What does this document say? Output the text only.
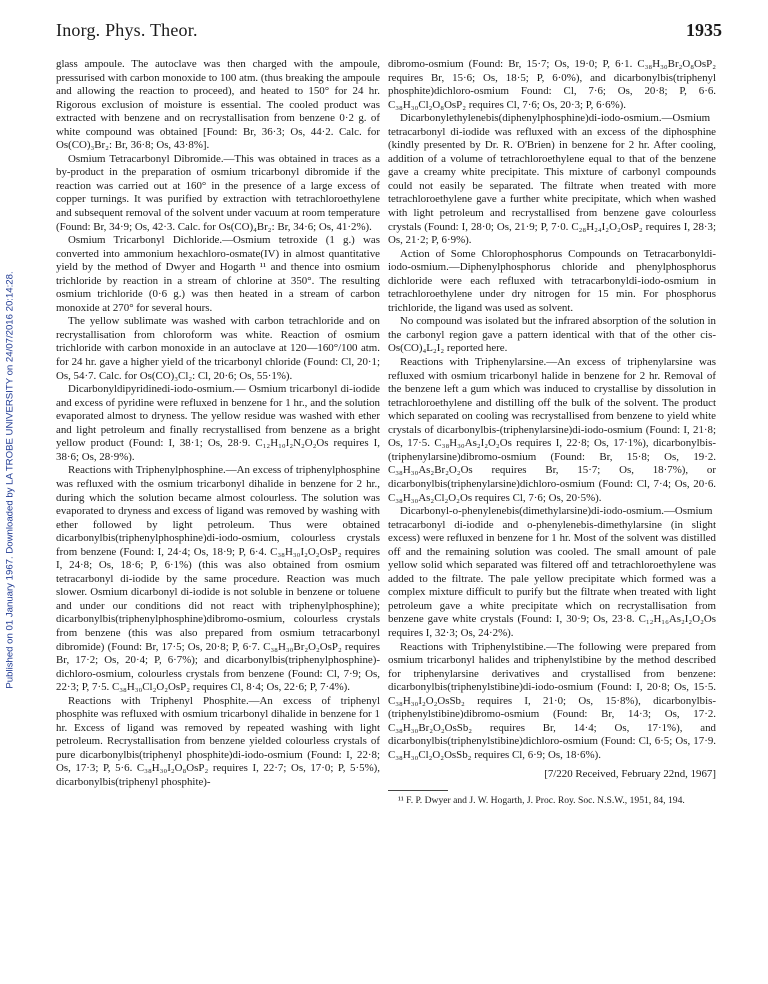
Inorg. Phys. Theor.	1935
Published on 01 January 1967. Downloaded by LA TROBE UNIVERSITY on 24/07/2016 20:14:28.

glass ampoule. The autoclave was then charged with the ampoule, pressurised with carbon monoxide to 100 atm. (thus breaking the ampoule and allowing the reaction to proceed), and heated to 150° for 24 hr. Rigorous exclusion of moisture is essential. The cooled product was extracted with benzene and on recrystallisation from benzene 0·2 g. of white compound was obtained [Found: Br, 36·3; Os, 44·2. Calc. for Os(CO)₃Br₂: Br, 36·8; Os, 43·8%].

Osmium Tetracarbonyl Dibromide.—This was obtained in traces as a by-product in the preparation of osmium tricarbonyl dibromide if the reaction was carried out at 160° in the presence of a large excess of copper turnings. It was purified by extraction with tetrachloroethylene and subsequent removal of the solvent under vacuum at room temperature (Found: Br, 34·9; Os, 42·3. Calc. for Os(CO)₄Br₂: Br, 34·6; Os, 41·2%).

Osmium Tricarbonyl Dichloride.—Osmium tetroxide (1 g.) was converted into ammonium hexachloro-osmate(IV) in almost quantitative yield by the method of Dwyer and Hogarth ¹¹ and thence into osmium trichloride by reaction in a stream of chlorine at 350°. The resulting osmium trichloride (0·6 g.) was then heated in a stream of carbon monoxide at 270° for several hours.

The yellow sublimate was washed with carbon tetrachloride and on recrystallisation from chloroform was white. Reaction of osmium trichloride with carbon monoxide in an autoclave at 120—160°/100 atm. for 24 hr. gave a higher yield of the tricarbonyl chloride (Found: Cl, 20·1; Os, 54·7. Calc. for Os(CO)₃Cl₂: Cl, 20·6; Os, 55·1%).

Dicarbonyldipyridinedi-iodo-osmium.— Osmium tricarbonyl di-iodide and excess of pyridine were refluxed in benzene for 1 hr., and the solution evaporated almost to dryness. The yellow residue was washed with ether and light petroleum and finally recrystallised from benzene as a bright yellow product (Found: I, 38·1; Os, 28·9. C₁₂H₁₀I₂N₂O₂Os requires I, 38·6; Os, 28·9%).

Reactions with Triphenylphosphine.—An excess of triphenylphosphine was refluxed with the osmium tricarbonyl dihalide in benzene for 2 hr., during which the solution became almost colourless. The solution was evaporated to dryness and excess of ligand was removed by washing with ether followed by light petroleum. Thus were obtained dicarbonylbis(triphenylphosphine)di-iodo-osmium, colourless crystals from benzene (Found: I, 24·4; Os, 18·9; P, 6·4. C₃₈H₃₀I₂O₂OsP₂ requires I, 24·8; Os, 18·6; P, 6·1%) (this was also obtained from osmium tetracarbonyl di-iodide by the same procedure. Reaction was much slower. Osmium dicarbonyl di-iodide is not soluble in benzene or toluene and under our conditions did not react with triphenylphosphine); dicarbonylbis(triphenylphosphine)dibromo-osmium, colourless crystals from benzene (this was also prepared from osmium tetracarbonyl dibromide) (Found: Br, 17·5; Os, 20·8; P, 6·7. C₃₈H₃₀Br₂O₂OsP₂ requires Br, 17·2; Os, 20·4; P, 6·7%); and dicarbonylbis(triphenylphosphine)-dichloro-osmium, colourless crystals from benzene (Found: Cl, 7·9; Os, 22·3; P, 7·5. C₃₈H₃₀Cl₂O₂OsP₂ requires Cl, 8·4; Os, 22·6; P, 7·4%).

Reactions with Triphenyl Phosphite.—An excess of triphenyl phosphite was refluxed with osmium tricarbonyl dihalide in benzene for 1 hr. Excess of ligand was removed by repeated washing with light petroleum. Recrystallisation from benzene yielded colourless crystals of pure dicarbonylbis(triphenyl phosphite)di-iodo-osmium (Found: I, 22·8; Os, 17·3; P, 5·6. C₃₈H₃₀I₂O₈OsP₂ requires I, 22·7; Os, 17·0; P, 5·5%), dicarbonylbis(triphenyl phosphite)-

dibromo-osmium (Found: Br, 15·7; Os, 19·0; P, 6·1. C₃₈H₃₀Br₂O₈OsP₂ requires Br, 15·6; Os, 18·5; P, 6·0%), and dicarbonylbis(triphenyl phosphite)dichloro-osmium Found: Cl, 7·6; Os, 20·8; P, 6·6. C₃₈H₃₀Cl₂O₈OsP₂ requires Cl, 7·6; Os, 20·3; P, 6·6%).

Dicarbonylethylenebis(diphenylphosphine)di-iodo-osmium.—Osmium tetracarbonyl di-iodide was refluxed with an excess of the diphosphine (kindly presented by Dr. R. O'Brien) in benzene for 2 hr. After cooling, addition of a volume of tetrachloroethylene equal to that of the benzene gave a creamy white precipitate. This mixture of carbonyl compounds could not easily be separated. The filtrate when treated with more tetrachloroethylene gave a further white precipitate, which when washed with light petroleum and recrystallised from benzene gave colourless crystals (Found: I, 28·0; Os, 21·9; P, 7·0. C₂₈H₂₄I₂O₂OsP₂ requires I, 28·3; Os, 21·2; P, 6·9%).

Action of Some Chlorophosphorus Compounds on Tetracarbonyldi-iodo-osmium.—Diphenylphosphorus chloride and phenylphosphorus dichloride were each refluxed with tetracarbonyldi-iodo-osmium in tetrachloroethylene under dry nitrogen for 15 min. For phosphorus trichloride, the ligand was used as solvent.

No compound was isolated but the infrared absorption of the solution in the carbonyl region gave a pattern identical with that of the other cis-Os(CO)₄L₂I₂ reported here.

Reactions with Triphenylarsine.—An excess of triphenylarsine was refluxed with osmium tricarbonyl halide in benzene for 2 hr. Removal of the benzene left a gum which was induced to crystallise by dissolution in tetrachloroethylene and distilling off the bulk of the solvent. The product which separated on cooling was recrystallised from benzene to yield white crystals of dicarbonylbis-(triphenylarsine)di-iodo-osmium (Found: I, 21·8; Os, 17·5. C₃₈H₃₀As₂I₂O₂Os requires I, 22·8; Os, 17·1%), dicarbonylbis-(triphenylarsine)dibromo-osmium (Found: Br, 15·8; Os, 19·2. C₃₈H₃₀As₂Br₂O₂Os requires Br, 15·7; Os, 18·7%), or dicarbonylbis(triphenylarsine)dichloro-osmium (Found: Cl, 7·4; Os, 20·6. C₃₈H₃₀As₂Cl₂O₂Os requires Cl, 7·6; Os, 20·5%).

Dicarbonyl-o-phenylenebis(dimethylarsine)di-iodo-osmium.—Osmium tetracarbonyl di-iodide and o-phenylenebis-dimethylarsine (in slight excess) were refluxed in benzene for 1 hr. Most of the solvent was distilled off and the remaining solution was cooled. The small amount of pale yellow solid which separated was filtered off and tetrachloroethylene was added to the filtrate. The pale yellow precipitate which formed was a complex mixture difficult to purify but the filtrate when treated with light petroleum gave a white precipitate which on recrystallisation from benzene gave white crystals (Found: I, 30·9; Os, 23·8. C₁₂H₁₆As₂I₂O₂Os requires I, 32·3; Os, 24·2%).

Reactions with Triphenylstibine.—The following were prepared from osmium tricarbonyl halides and triphenylstibine by the method described for triphenylarsine derivatives and crystallised from benzene: dicarbonylbis(triphenylstibine)di-iodo-osmium (Found: I, 20·8; Os, 15·5. C₃₈H₃₀I₂O₂OsSb₂ requires I, 21·0; Os, 15·8%), dicarbonylbis-(triphenylstibine)dibromo-osmium (Found: Br, 14·3; Os, 17·2. C₃₈H₃₀Br₂O₂OsSb₂ requires Br, 14·4; Os, 17·1%), and dicarbonylbis(triphenylstibine)dichloro-osmium (Found: Cl, 6·5; Os, 17·9. C₃₈H₃₀Cl₂O₂OsSb₂ requires Cl, 6·9; Os, 18·6%).

[7/220 Received, February 22nd, 1967]

¹¹ F. P. Dwyer and J. W. Hogarth, J. Proc. Roy. Soc. N.S.W., 1951, 84, 194.
